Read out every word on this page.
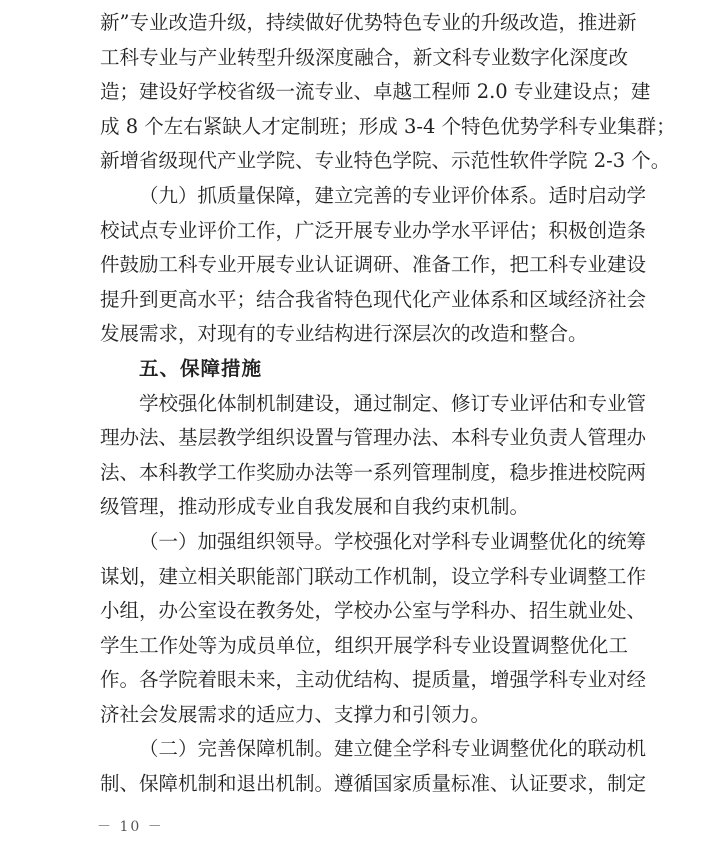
新”专业改造升级，持续做好优势特色专业的升级改造，推进新
工科专业与产业转型升级深度融合，新文科专业数字化深度改
造；建设好学校省级一流专业、卓越工程师 2.0 专业建设点；建
成 8 个左右紧缺人才定制班；形成 3-4 个特色优势学科专业集群；
新增省级现代产业学院、专业特色学院、示范性软件学院 2-3 个。
（九）抓质量保障，建立完善的专业评价体系。适时启动学
校试点专业评价工作，广泛开展专业办学水平评估；积极创造条
件鼓励工科专业开展专业认证调研、准备工作，把工科专业建设
提升到更高水平；结合我省特色现代化产业体系和区域经济社会
发展需求，对现有的专业结构进行深层次的改造和整合。
五、保障措施
学校强化体制机制建设，通过制定、修订专业评估和专业管
理办法、基层教学组织设置与管理办法、本科专业负责人管理办
法、本科教学工作奖励办法等一系列管理制度，稳步推进校院两
级管理，推动形成专业自我发展和自我约束机制。
（一）加强组织领导。学校强化对学科专业调整优化的统筹
谋划，建立相关职能部门联动工作机制，设立学科专业调整工作
小组，办公室设在教务处，学校办公室与学科办、招生就业处、
学生工作处等为成员单位，组织开展学科专业设置调整优化工
作。各学院着眼未来，主动优结构、提质量，增强学科专业对经
济社会发展需求的适应力、支撑力和引领力。
（二）完善保障机制。建立健全学科专业调整优化的联动机
制、保障机制和退出机制。遵循国家质量标准、认证要求，制定
－ 10 －
